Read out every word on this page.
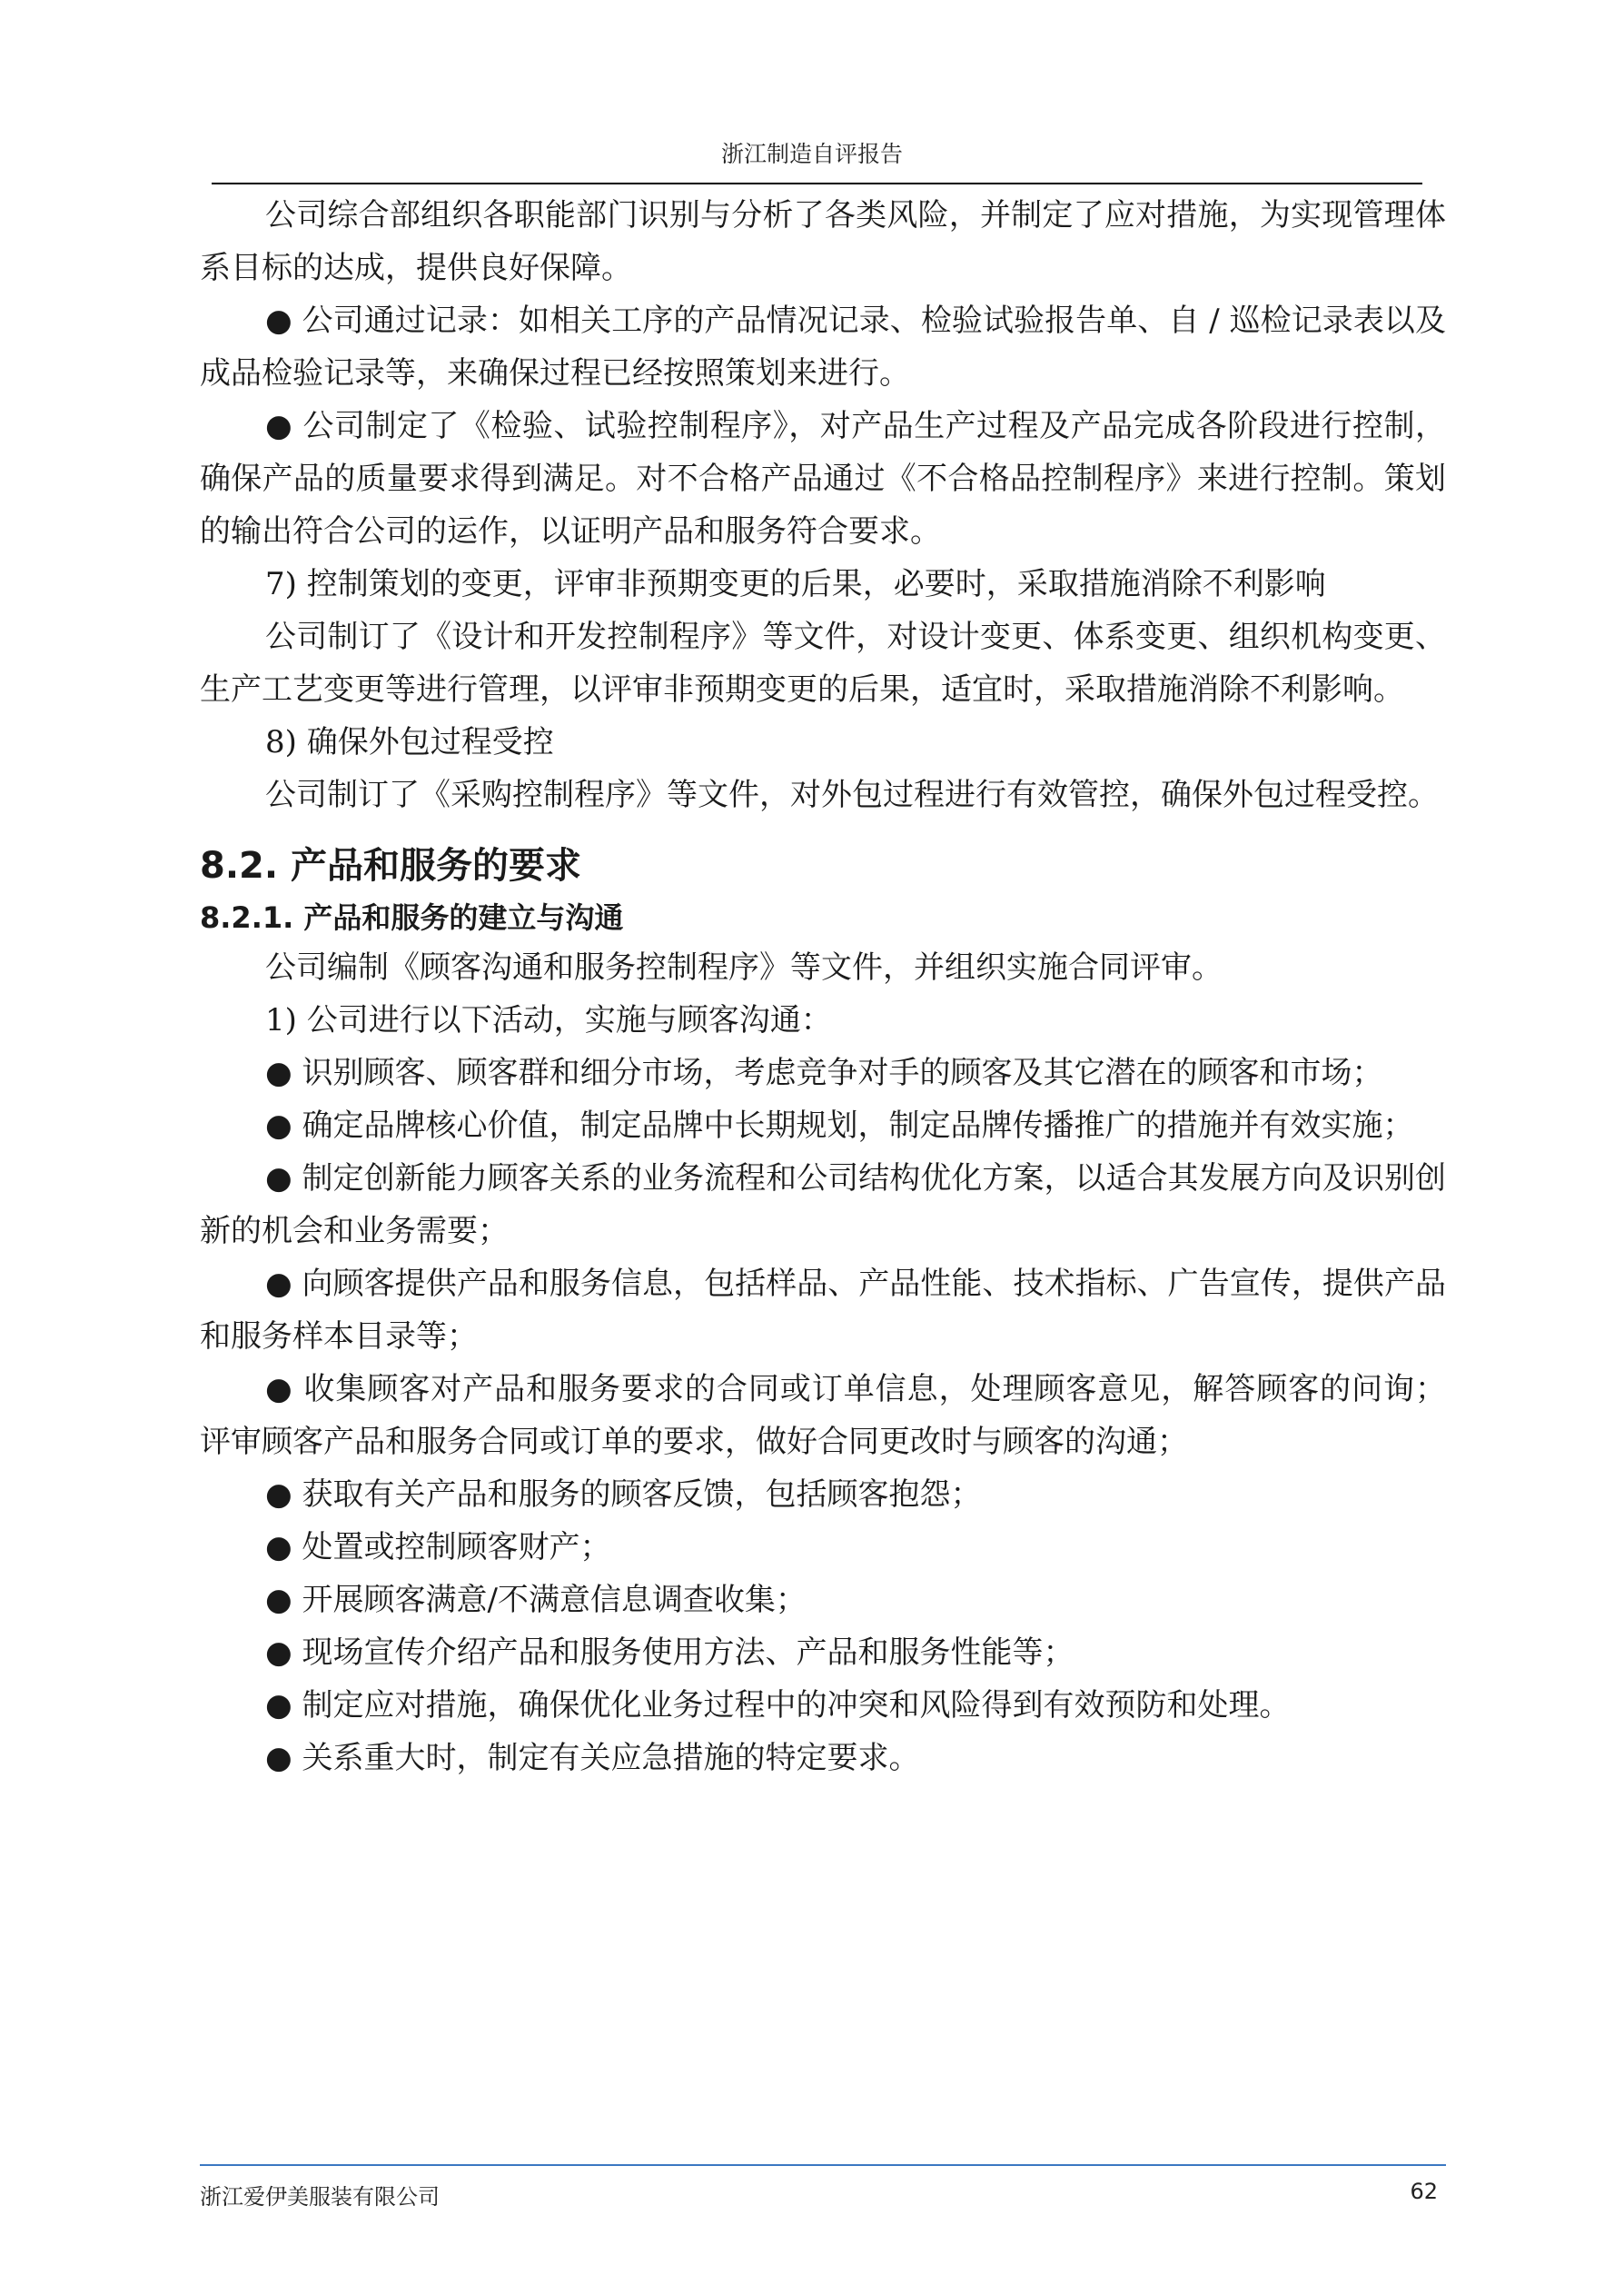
浙江制造自评报告

公司综合部组织各职能部门识别与分析了各类风险，并制定了应对措施，为实现管理体系目标的达成，提供良好保障。

● 公司通过记录：如相关工序的产品情况记录、检验试验报告单、自 / 巡检记录表以及成品检验记录等，来确保过程已经按照策划来进行。

● 公司制定了《检验、试验控制程序》，对产品生产过程及产品完成各阶段进行控制，确保产品的质量要求得到满足。对不合格产品通过《不合格品控制程序》来进行控制。策划的输出符合公司的运作，以证明产品和服务符合要求。

7) 控制策划的变更，评审非预期变更的后果，必要时，采取措施消除不利影响

公司制订了《设计和开发控制程序》等文件，对设计变更、体系变更、组织机构变更、生产工艺变更等进行管理，以评审非预期变更的后果，适宜时，采取措施消除不利影响。

8) 确保外包过程受控

公司制订了《采购控制程序》等文件，对外包过程进行有效管控，确保外包过程受控。

8.2. 产品和服务的要求
8.2.1. 产品和服务的建立与沟通

公司编制《顾客沟通和服务控制程序》等文件，并组织实施合同评审。

1) 公司进行以下活动，实施与顾客沟通：

● 识别顾客、顾客群和细分市场，考虑竞争对手的顾客及其它潜在的顾客和市场；

● 确定品牌核心价值，制定品牌中长期规划，制定品牌传播推广的措施并有效实施；

● 制定创新能力顾客关系的业务流程和公司结构优化方案，以适合其发展方向及识别创新的机会和业务需要；

● 向顾客提供产品和服务信息，包括样品、产品性能、技术指标、广告宣传，提供产品和服务样本目录等；

● 收集顾客对产品和服务要求的合同或订单信息，处理顾客意见，解答顾客的问询； 评审顾客产品和服务合同或订单的要求，做好合同更改时与顾客的沟通；

● 获取有关产品和服务的顾客反馈，包括顾客抱怨；

● 处置或控制顾客财产；

● 开展顾客满意/不满意信息调查收集；

● 现场宣传介绍产品和服务使用方法、产品和服务性能等；

● 制定应对措施，确保优化业务过程中的冲突和风险得到有效预防和处理。

● 关系重大时，制定有关应急措施的特定要求。

浙江爱伊美服装有限公司	62
